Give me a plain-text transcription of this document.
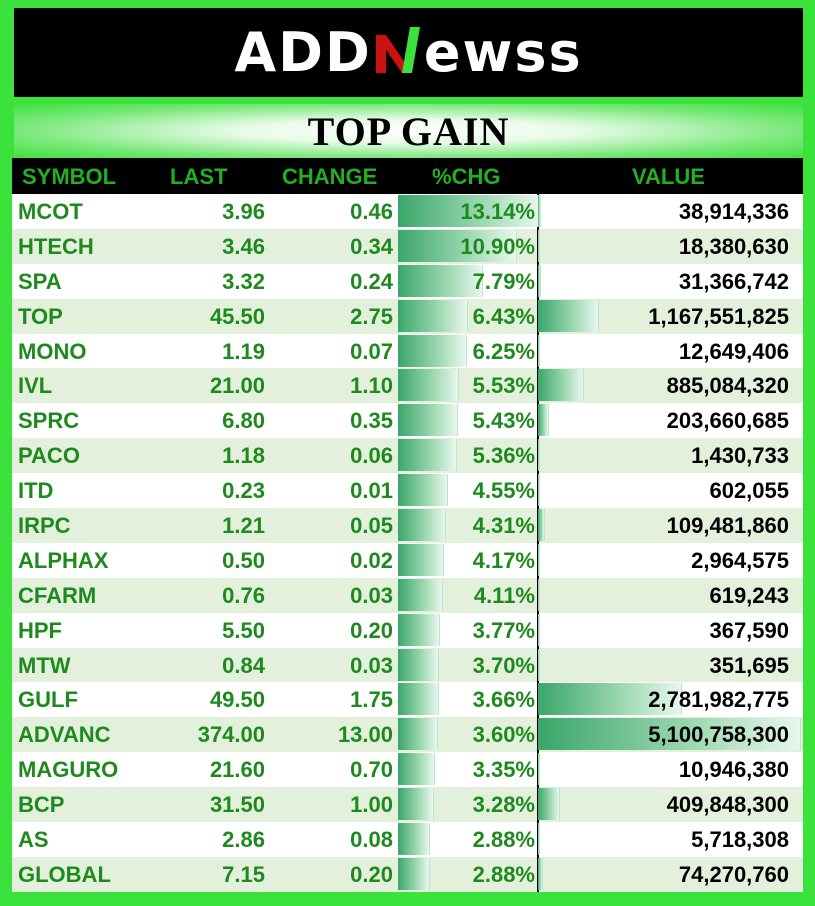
ADD ewss
TOP GAIN
SYMBOL LAST CHANGE %CHG	VALUE
MCOT	3.96	0.46	13.14%	38,914,336
HTECH	3.46	0.34	10.90%	18,380,630
SPA	3.32	0.24	7.79%	31,366,742
TOP	45.50	2.75	6.43%	1,167,551,825
MONO	1.19	0.07	6.25%	12,649,406
IVL	21.00	1.10	5.53%	885,084,320
SPRC	6.80	0.35	5.43%	203,660,685
PACO	1.18	0.06	5.36%	1,430,733
ITD	0.23	0.01	4.55%	602,055
IRPC	1.21	0.05	4.31%	109,481,860
ALPHAX	0.50	0.02	4.17%	2,964,575
CFARM	0.76	0.03	4.11%	619,243
HPF	5.50	0.20	3.77%	367,590
MTW	0.84	0.03	3.70%	351,695
GULF	49.50	1.75	3.66%	2,781,982,775
ADVANC	374.00	13.00	3.60%	5,100,758,300
MAGURO	21.60	0.70	3.35%	10,946,380
BCP	31.50	1.00	3.28%	409,848,300
AS	2.86	0.08	2.88%	5,718,308
GLOBAL	7.15	0.20	2.88%	74,270,760
